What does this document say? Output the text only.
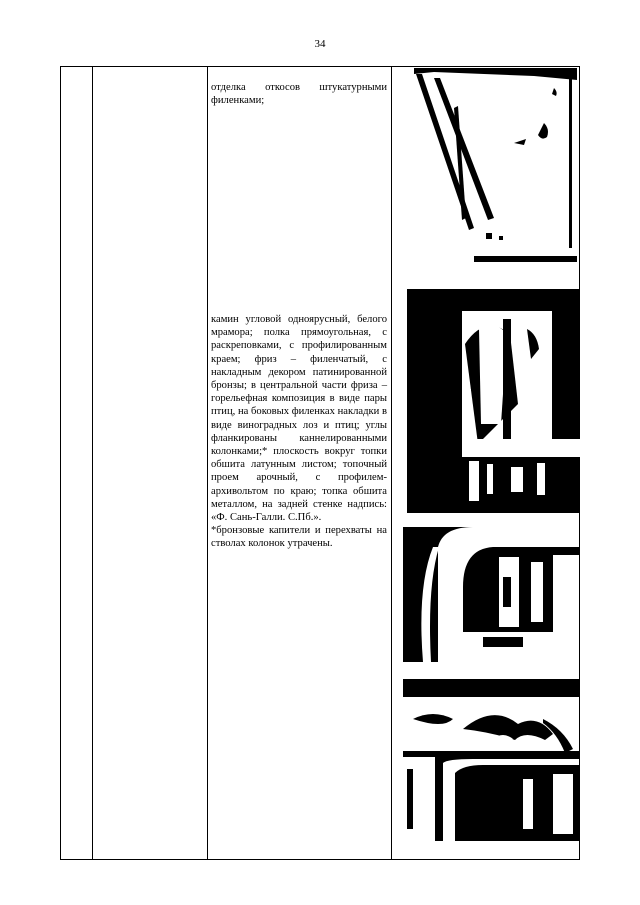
34

отделка откосов штукатурными филенками;

камин угловой одноярусный, белого мрамора; полка прямоугольная, с раскреповками, с профилированным краем; фриз – филенчатый, с накладным декором патинированной бронзы; в центральной части фриза – горельефная композиция в виде пары птиц, на боковых филенках накладки в виде виноградных лоз и птиц; углы фланкированы каннелированными колонками;* плоскость вокруг топки обшита латунным листом; топочный проем арочный, с профилем-архивольтом по краю; топка обшита металлом, на задней стенке надпись: «Ф. Сань-Галли. С.Пб.».

*бронзовые капители и перехваты на стволах колонок утрачены.
